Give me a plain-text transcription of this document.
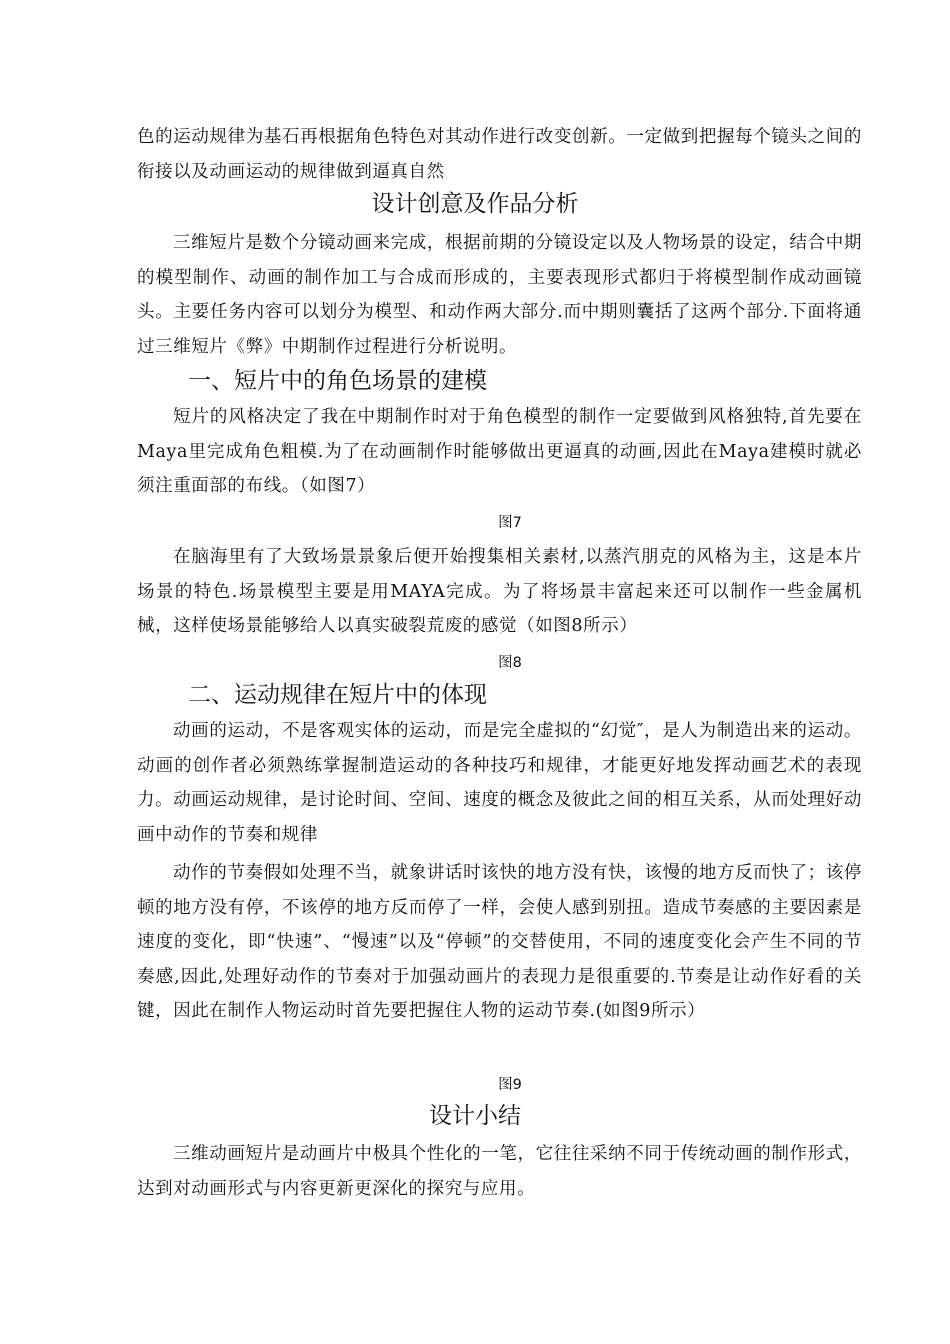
色的运动规律为基石再根据角色特色对其动作进行改变创新。一定做到把握每个镜头之间的衔接以及动画运动的规律做到逼真自然

设计创意及作品分析

三维短片是数个分镜动画来完成，根据前期的分镜设定以及人物场景的设定，结合中期的模型制作、动画的制作加工与合成而形成的，主要表现形式都归于将模型制作成动画镜头。主要任务内容可以划分为模型、和动作两大部分.而中期则囊括了这两个部分.下面将通过三维短片《弊》中期制作过程进行分析说明。

一、短片中的角色场景的建模

短片的风格决定了我在中期制作时对于角色模型的制作一定要做到风格独特,首先要在Maya里完成角色粗模.为了在动画制作时能够做出更逼真的动画,因此在Maya建模时就必须注重面部的布线。（如图7）

图7

在脑海里有了大致场景景象后便开始搜集相关素材,以蒸汽朋克的风格为主，这是本片场景的特色.场景模型主要是用MAYA完成。为了将场景丰富起来还可以制作一些金属机械，这样使场景能够给人以真实破裂荒废的感觉（如图8所示）

图8
二、运动规律在短片中的体现

动画的运动，不是客观实体的运动，而是完全虚拟的“幻觉″，是人为制造出来的运动。动画的创作者必须熟练掌握制造运动的各种技巧和规律，才能更好地发挥动画艺术的表现力。动画运动规律，是讨论时间、空间、速度的概念及彼此之间的相互关系，从而处理好动画中动作的节奏和规律

动作的节奏假如处理不当，就象讲话时该快的地方没有快，该慢的地方反而快了；该停顿的地方没有停，不该停的地方反而停了一样，会使人感到别扭。造成节奏感的主要因素是速度的变化，即“快速”、“慢速”以及“停顿”的交替使用，不同的速度变化会产生不同的节奏感,因此,处理好动作的节奏对于加强动画片的表现力是很重要的.节奏是让动作好看的关键，因此在制作人物运动时首先要把握住人物的运动节奏.(如图9所示）

图9
设计小结

三维动画短片是动画片中极具个性化的一笔，它往往采纳不同于传统动画的制作形式，达到对动画形式与内容更新更深化的探究与应用。
